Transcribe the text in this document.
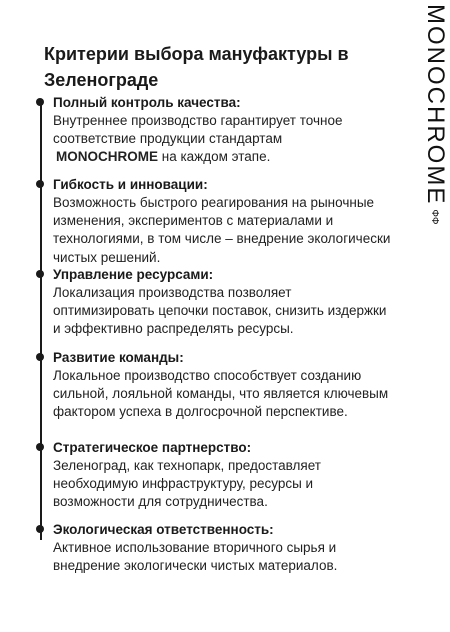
Критерии выбора мануфактуры в Зеленограде	MONOCHROMEФФ

Полный контроль качества:

Внутреннее производство гарантирует точное соответствие продукции стандартам
MONOCHROME на каждом этапе.

Гибкость и инновации:

Возможность быстрого реагирования на рыночные изменения, экспериментов с материалами и технологиями, в том числе – внедрение экологически чистых решений.

Управление ресурсами:

Локализация производства позволяет оптимизировать цепочки поставок, снизить издержки и эффективно распределять ресурсы.

Развитие команды:

Локальное производство способствует созданию сильной, лояльной команды, что является ключевым фактором успеха в долгосрочной перспективе.

Стратегическое партнерство:

Зеленоград, как технопарк, предоставляет необходимую инфраструктуру, ресурсы и возможности для сотрудничества.

Экологическая ответственность:

Активное использование вторичного сырья и внедрение экологически чистых материалов.
